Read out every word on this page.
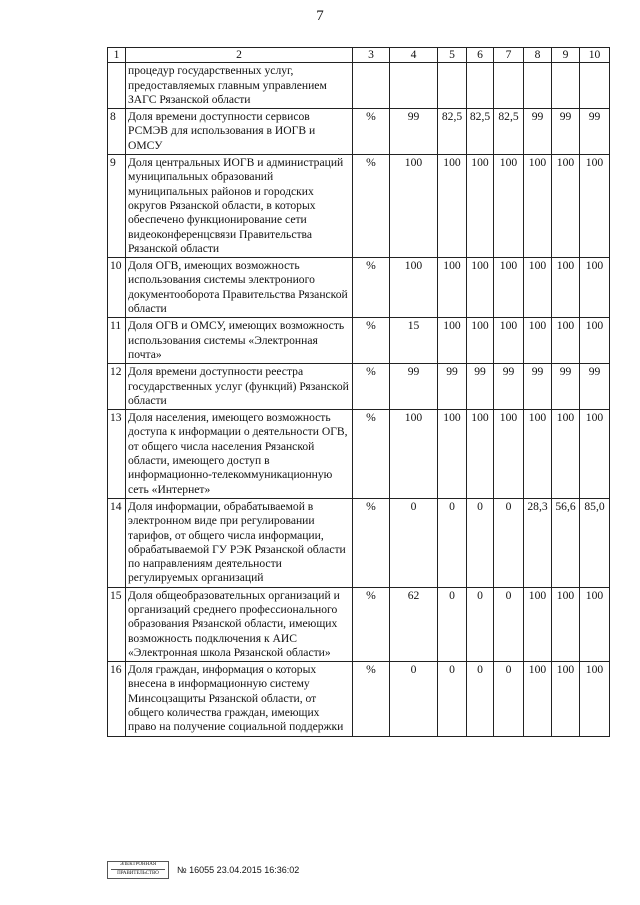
7
1	2	3	4	5	6	7	8	9	10
	процедур государственных услуг, предоставляемых главным управлением ЗАГС Рязанской области								
8	Доля времени доступности сервисов РСМЭВ для использования в ИОГВ и ОМСУ	%	99	82,5	82,5	82,5	99	99	99
9	Доля центральных ИОГВ и администраций муниципальных образований муниципальных районов и городских округов Рязанской области, в которых обеспечено функционирование сети видеоконференцсвязи Правительства Рязанской области	%	100	100	100	100	100	100	100
10	Доля ОГВ, имеющих возможность использования системы электрониого документооборота Правительства Рязанской области	%	100	100	100	100	100	100	100
11	Доля ОГВ и ОМСУ, имеющих возможность использования системы «Электронная почта»	%	15	100	100	100	100	100	100
12	Доля времени доступности реестра государственных услуг (функций) Рязанской области	%	99	99	99	99	99	99	99
13	Доля населения, имеющего возможность доступа к информации о деятельности ОГВ, от общего числа населения Рязанской области, имеющего доступ в информационно-телекоммуникационную сеть «Интернет»	%	100	100	100	100	100	100	100
14	Доля информации, обрабатываемой в электронном виде при регулировании тарифов, от общего числа информации, обрабатываемой ГУ РЭК Рязанской области по направлениям деятельности регулируемых организаций	%	0	0	0	0	28,3	56,6	85,0
15	Доля общеобразовательных организаций и организаций среднего профессионального образования Рязанской области, имеющих возможность подключения к АИС «Электронная школа Рязанской области»	%	62	0	0	0	100	100	100
16	Доля граждан, информация о которых внесена в информационную систему Минсоцзащиты Рязанской области, от общего количества граждан, имеющих право на получение социальной поддержки	%	0	0	0	0	100	100	100
ЭЛЕКТРОННАЯ
ПРАВИТЕЛЬСТВО	№ 16055 23.04.2015 16:36:02
